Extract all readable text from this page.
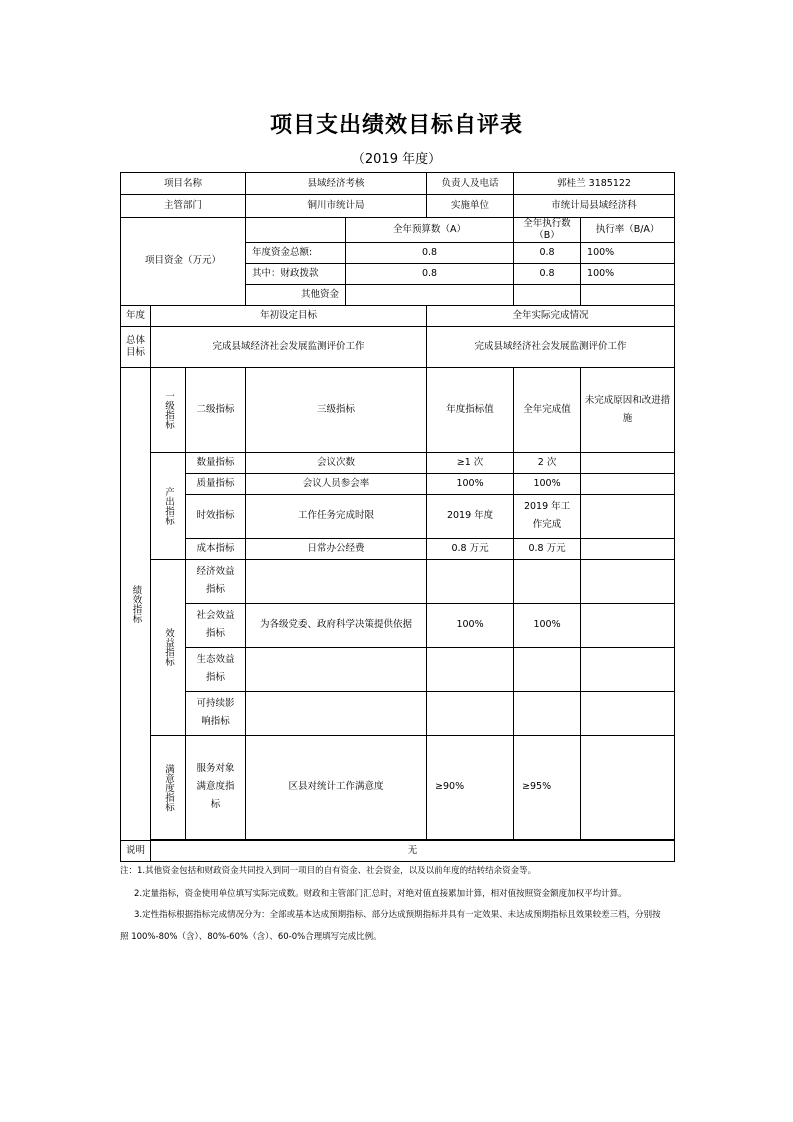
项目支出绩效目标自评表
（2019 年度）
项目名称			县域经济考核		负责人及电话	郭桂兰 3185122	
主管部门			铜川市统计局		实施单位	市统计局县域经济科	
项目资金（万元）				全年预算数（A）		全年执行数（B）	执行率（B/A）
			年度资金总额:	0.8		0.8	100%
			其中：财政拨款	0.8		0.8	100%
			其他资金				
年度	年初设定目标				全年实际完成情况		
总体
目标	完成县域经济社会发展监测评价工作				完成县域经济社会发展监测评价工作		

绩效指标	一级指标	二级指标	三级指标		年度指标值	全年完成值	未完成原因和改进措施

	产出指标	数量指标	会议次数		≥1 次	2 次	
		质量指标	会议人员参会率		100%	100%	
		时效指标	工作任务完成时限		2019 年度	2019 年工作完成	
		成本指标	日常办公经费		0.8 万元	0.8 万元	

	效益指标	经济效益指标					
		社会效益指标	为各级党委、政府科学决策提供依据		100%	100%	
		生态效益指标					
		可持续影响指标					

	满意度指标	服务对象满意度指标	区县对统计工作满意度		≥90%	≥95%	

说明	无						
注：1.其他资金包括和财政资金共同投入到同一项目的自有资金、社会资金，以及以前年度的结转结余资金等。
2.定量指标，资金使用单位填写实际完成数。财政和主管部门汇总时，对绝对值直接累加计算，相对值按照资金额度加权平均计算。
3.定性指标根据指标完成情况分为：全部或基本达成预期指标、部分达成预期指标并具有一定效果、未达成预期指标且效果较差三档，分别按
照 100%-80%（含）、80%-60%（含）、60-0%合理填写完成比例。
